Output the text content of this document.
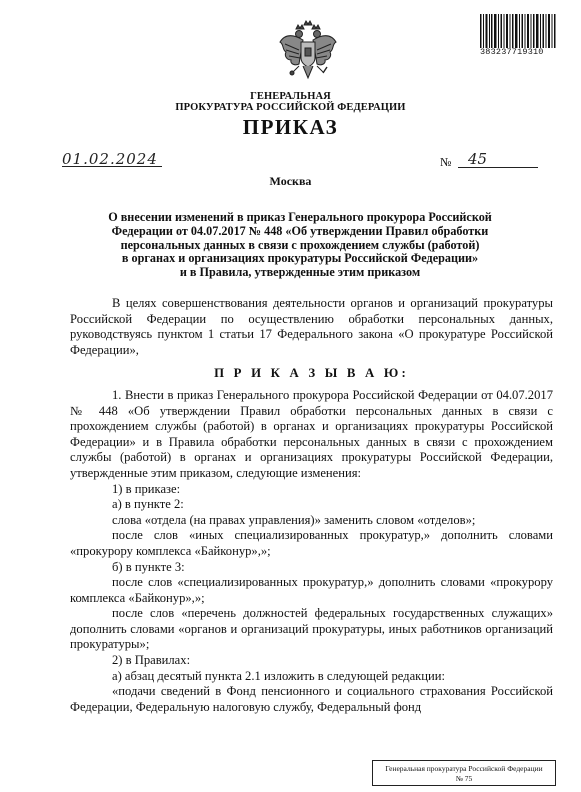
383237719310
ГЕНЕРАЛЬНАЯ
ПРОКУРАТУРА РОССИЙСКОЙ ФЕДЕРАЦИИ
ПРИКАЗ
01.02.2024	№ 45
Москва
О внесении изменений в приказ Генерального прокурора Российской
Федерации от 04.07.2017 № 448 «Об утверждении Правил обработки
персональных данных в связи с прохождением службы (работой)
в органах и организациях прокуратуры Российской Федерации»
и в Правила, утвержденные этим приказом
В целях совершенствования деятельности органов и организаций прокуратуры Российской Федерации по осуществлению обработки персональных данных, руководствуясь пунктом 1 статьи 17 Федерального закона «О прокуратуре Российской Федерации»,
П Р И К А З Ы В А Ю:
1. Внести в приказ Генерального прокурора Российской Федерации от 04.07.2017 № 448 «Об утверждении Правил обработки персональных данных в связи с прохождением службы (работой) в органах и организациях прокуратуры Российской Федерации» и в Правила обработки персональных данных в связи с прохождением службы (работой) в органах и организациях прокуратуры Российской Федерации, утвержденные этим приказом, следующие изменения:
1) в приказе:
а) в пункте 2:
слова «отдела (на правах управления)» заменить словом «отделов»;
после слов «иных специализированных прокуратур,» дополнить словами «прокурору комплекса «Байконур»,»;
б) в пункте 3:
после слов «специализированных прокуратур,» дополнить словами «прокурору комплекса «Байконур»,»;
после слов «перечень должностей федеральных государственных служащих» дополнить словами «органов и организаций прокуратуры, иных работников организаций прокуратуры»;
2) в Правилах:
а) абзац десятый пункта 2.1 изложить в следующей редакции:
«подачи сведений в Фонд пенсионного и социального страхования Российской Федерации, Федеральную налоговую службу, Федеральный фонд
Генеральная прокуратура Российской Федерации
№ 75
